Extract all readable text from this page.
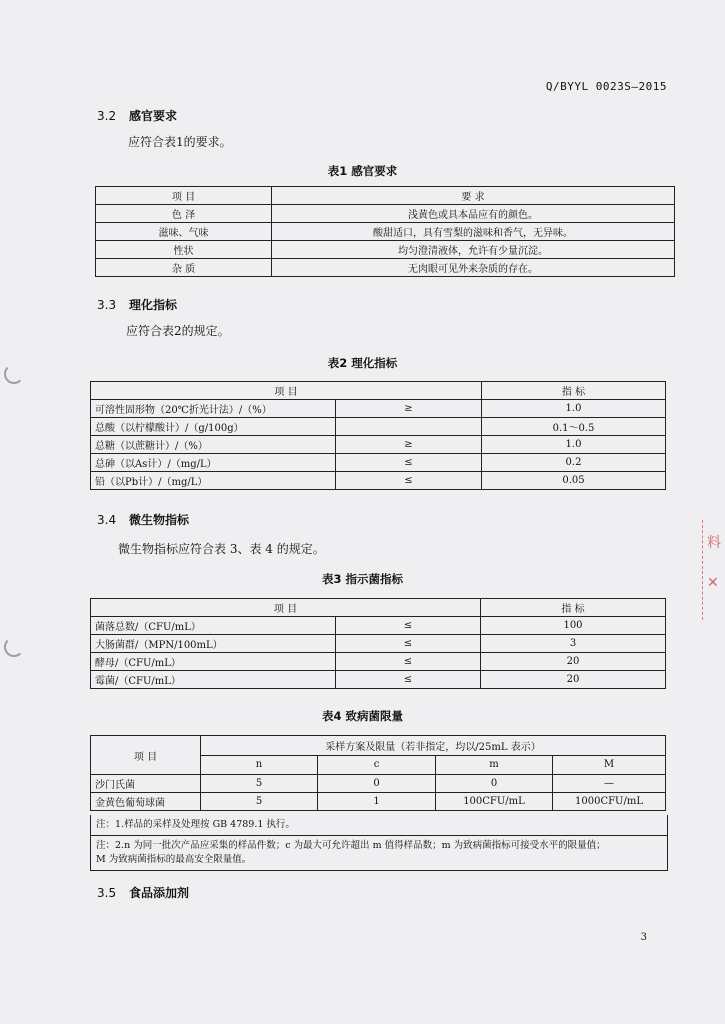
Q/BYYL 0023S—2015
3.2 感官要求
应符合表1的要求。
表1 感官要求
项 目	要 求
色 泽	浅黄色或具本品应有的颜色。
滋味、气味	酸甜适口，具有雪梨的滋味和香气，无异味。
性状	均匀澄清液体，允许有少量沉淀。
杂 质	无肉眼可见外来杂质的存在。
3.3 理化指标
应符合表2的规定。
表2 理化指标
项 目		指 标
可溶性固形物（20℃折光计法）/（%）	≥	1.0
总酸（以柠檬酸计）/（g/100g）		0.1～0.5
总糖（以蔗糖计）/（%）	≥	1.0
总砷（以As计）/（mg/L）	≤	0.2
铅（以Pb计）/（mg/L）	≤	0.05
3.4 微生物指标
微生物指标应符合表 3、表 4 的规定。
表3 指示菌指标
项 目		指 标
菌落总数/（CFU/mL）	≤	100
大肠菌群/（MPN/100mL）	≤	3
酵母/（CFU/mL）	≤	20
霉菌/（CFU/mL）	≤	20
表4 致病菌限量
项 目	采样方案及限量（若非指定，均以/25mL 表示）			
	n	c	m	M
沙门氏菌	5	0	0	—
金黄色葡萄球菌	5	1	100CFU/mL	1000CFU/mL
注：1.样品的采样及处理按 GB 4789.1 执行。
注：2.n 为同一批次产品应采集的样品件数；c 为最大可允许超出 m 值得样品数；m 为致病菌指标可接受水平的限量值；
M 为致病菌指标的最高安全限量值。
3.5 食品添加剂
3
料
✕
